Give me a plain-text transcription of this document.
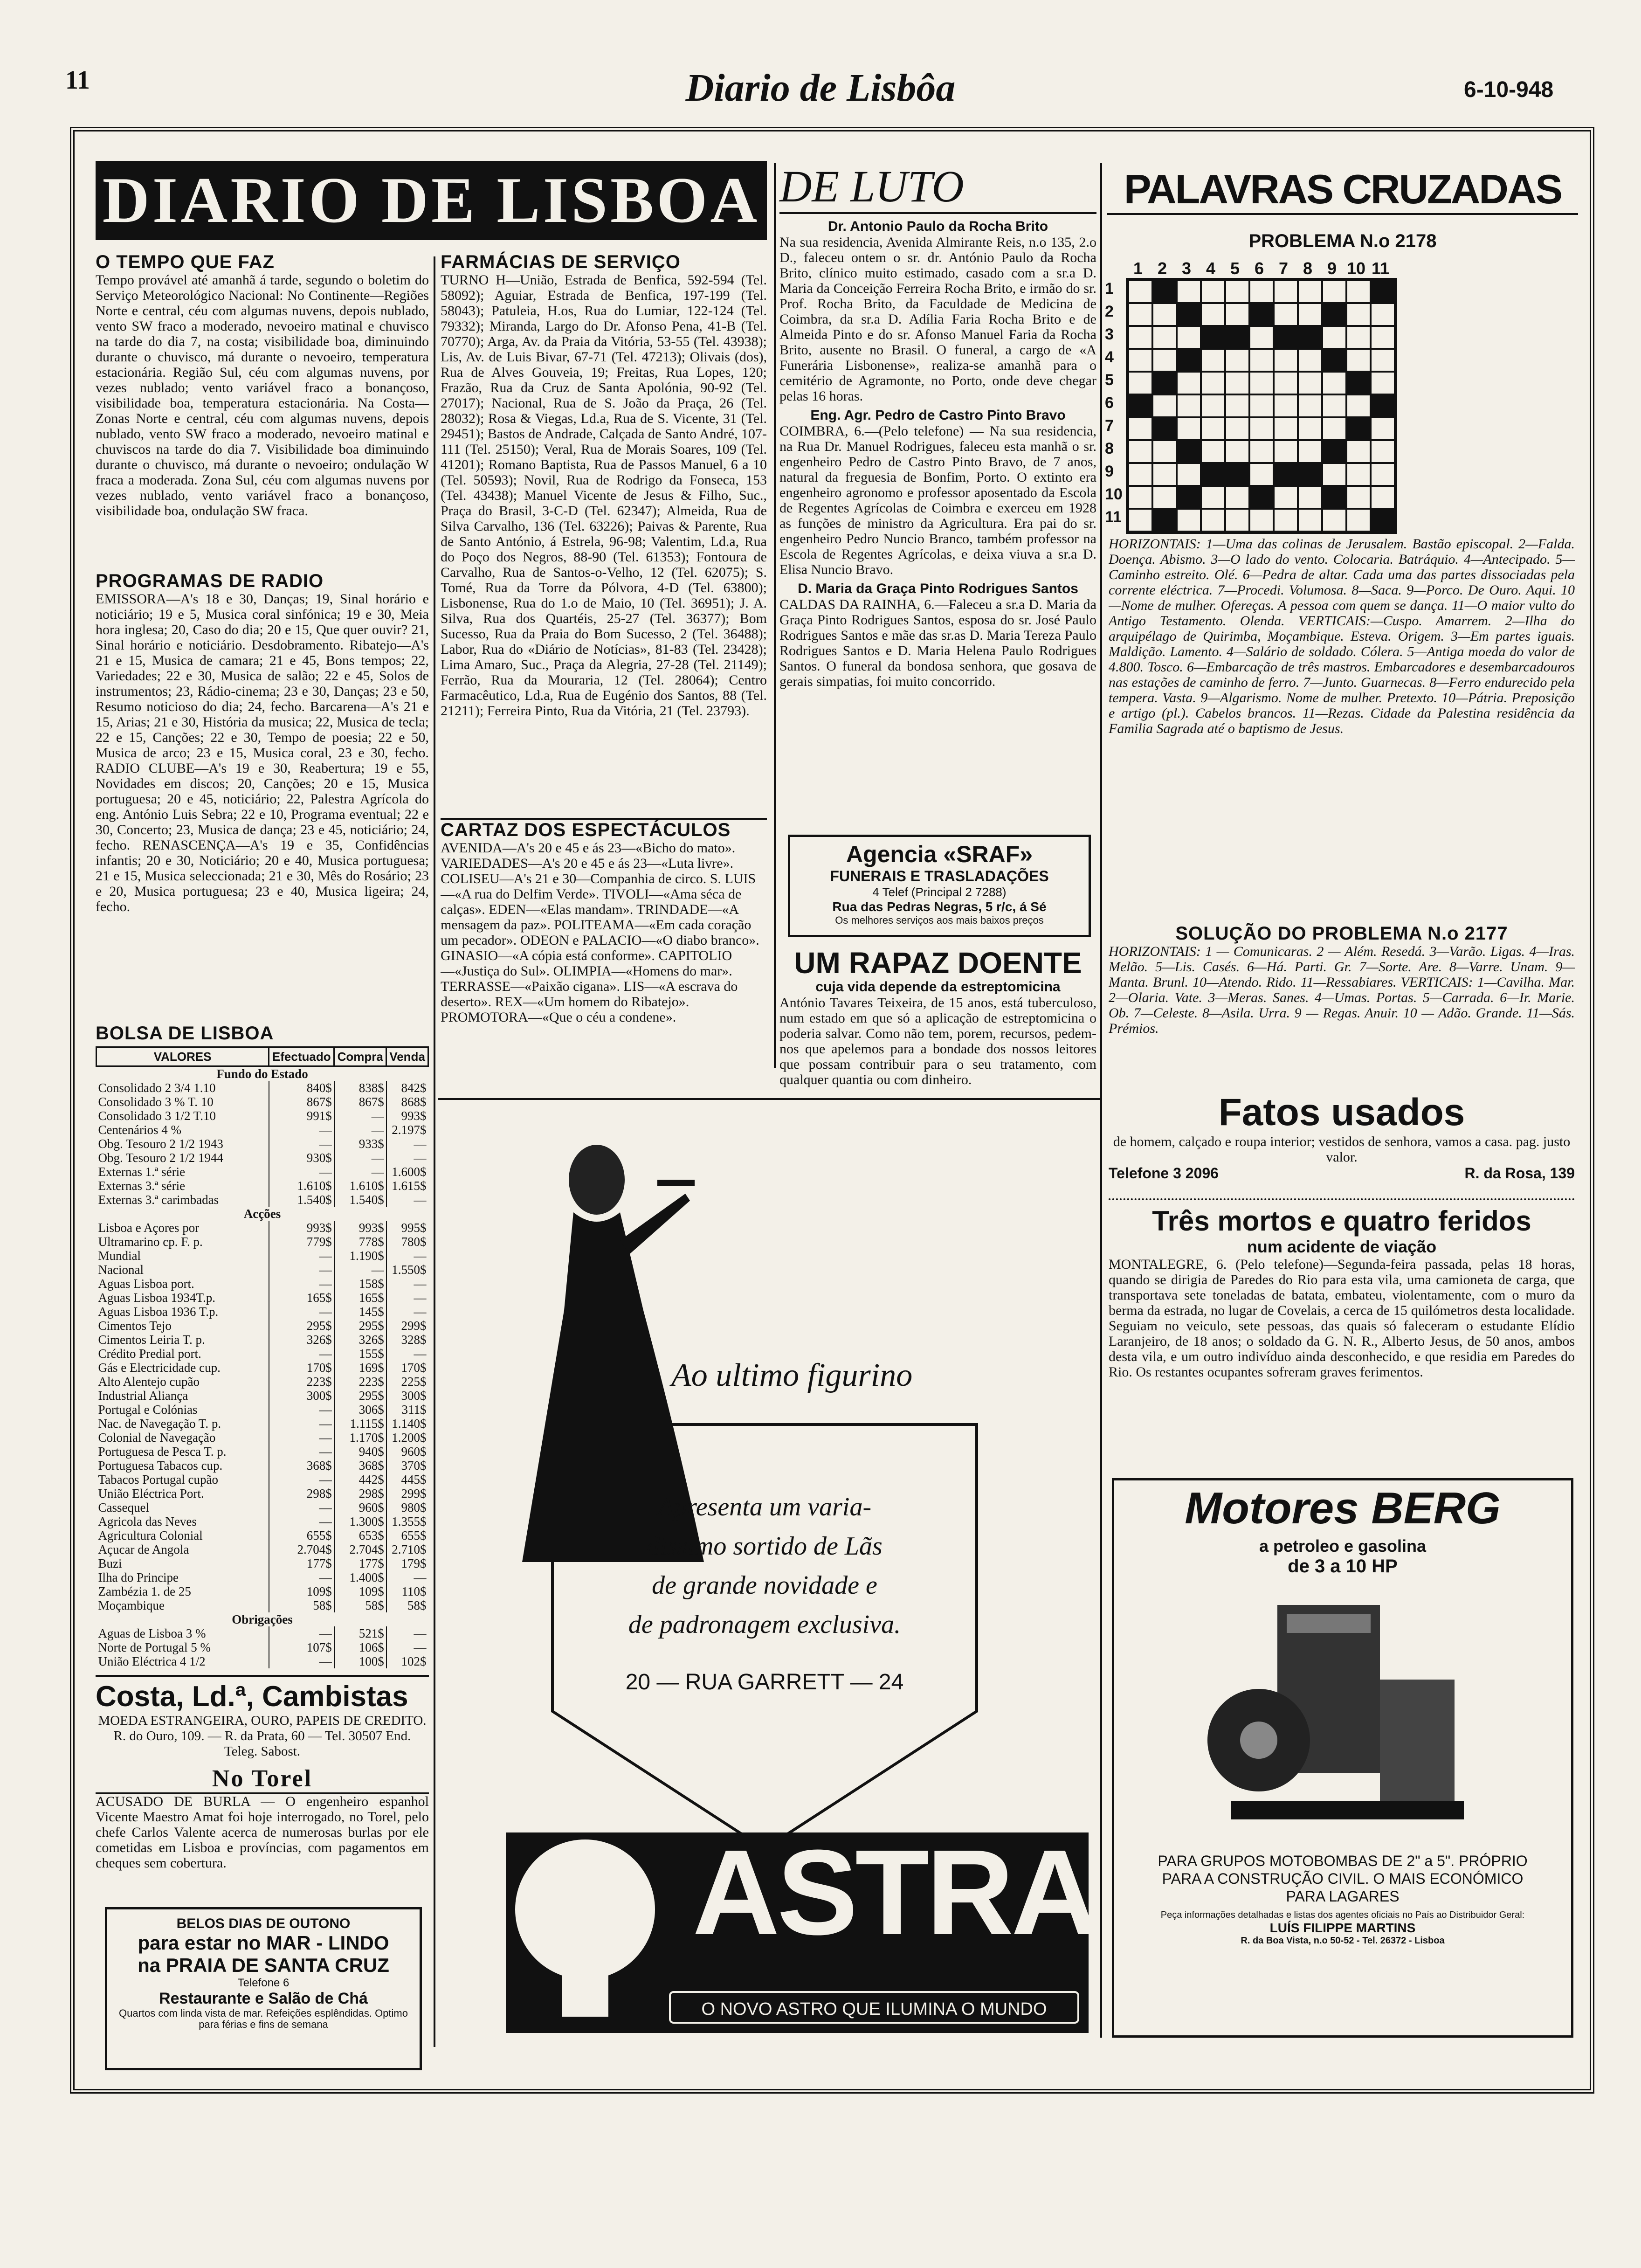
11	Diario de Lisbôa	6-10-948
DIARIO DE LISBOA
O TEMPO QUE FAZ
Tempo provável até amanhã á tarde, segundo o boletim do Serviço Meteorológico Nacional: No Continente—Regiões Norte e central, céu com algumas nuvens, depois nublado, vento SW fraco a moderado, nevoeiro matinal e chuvisco na tarde do dia 7, na costa; visibilidade boa, diminuindo durante o chuvisco, má durante o nevoeiro, temperatura estacionária. Região Sul, céu com algumas nuvens, por vezes nublado; vento variável fraco a bonançoso, visibilidade boa, temperatura estacionária. Na Costa—Zonas Norte e central, céu com algumas nuvens, depois nublado, vento SW fraco a moderado, nevoeiro matinal e chuviscos na tarde do dia 7. Visibilidade boa diminuindo durante o chuvisco, má durante o nevoeiro; ondulação W fraca a moderada. Zona Sul, céu com algumas nuvens por vezes nublado, vento variável fraco a bonançoso, visibilidade boa, ondulação SW fraca.
PROGRAMAS DE RADIO
EMISSORA—A's 18 e 30, Danças; 19, Sinal horário e noticiário; 19 e 5, Musica coral sinfónica; 19 e 30, Meia hora inglesa; 20, Caso do dia; 20 e 15, Que quer ouvir? 21, Sinal horário e noticiário. Desdobramento. Ribatejo—A's 21 e 15, Musica de camara; 21 e 45, Bons tempos; 22, Variedades; 22 e 30, Musica de salão; 22 e 45, Solos de instrumentos; 23, Rádio-cinema; 23 e 30, Danças; 23 e 50, Resumo noticioso do dia; 24, fecho. Barcarena—A's 21 e 15, Arias; 21 e 30, História da musica; 22, Musica de tecla; 22 e 15, Canções; 22 e 30, Tempo de poesia; 22 e 50, Musica de arco; 23 e 15, Musica coral, 23 e 30, fecho. RADIO CLUBE—A's 19 e 30, Reabertura; 19 e 55, Novidades em discos; 20, Canções; 20 e 15, Musica portuguesa; 20 e 45, noticiário; 22, Palestra Agrícola do eng. António Luis Sebra; 22 e 10, Programa eventual; 22 e 30, Concerto; 23, Musica de dança; 23 e 45, noticiário; 24, fecho. RENASCENÇA—A's 19 e 35, Confidências infantis; 20 e 30, Noticiário; 20 e 40, Musica portuguesa; 21 e 15, Musica seleccionada; 21 e 30, Mês do Rosário; 23 e 20, Musica portuguesa; 23 e 40, Musica ligeira; 24, fecho.
BOLSA DE LISBOA
VALORES	Efectuado	Compra	Venda
Fundo do Estado			
Consolidado 2 3/4 1.10	840$	838$	842$
Consolidado 3 % T. 10	867$	867$	868$
Consolidado 3 1/2 T.10	991$	—	993$
Centenários 4 %	—	—	2.197$
Obg. Tesouro 2 1/2 1943	—	933$	—
Obg. Tesouro 2 1/2 1944	930$	—	—
Externas 1.ª série	—	—	1.600$
Externas 3.ª série	1.610$	1.610$	1.615$
Externas 3.ª carimbadas	1.540$	1.540$	—
Acções			
Lisboa e Açores por	993$	993$	995$
Ultramarino cp. F. p.	779$	778$	780$
Mundial	—	1.190$	—
Nacional	—	—	1.550$
Aguas Lisboa port.	—	158$	—
Aguas Lisboa 1934T.p.	165$	165$	—
Aguas Lisboa 1936 T.p.	—	145$	—
Cimentos Tejo	295$	295$	299$
Cimentos Leiria T. p.	326$	326$	328$
Crédito Predial port.	—	155$	—
Gás e Electricidade cup.	170$	169$	170$
Alto Alentejo cupão	223$	223$	225$
Industrial Aliança	300$	295$	300$
Portugal e Colónias	—	306$	311$
Nac. de Navegação T. p.	—	1.115$	1.140$
Colonial de Navegação	—	1.170$	1.200$
Portuguesa de Pesca T. p.	—	940$	960$
Portuguesa Tabacos cup.	368$	368$	370$
Tabacos Portugal cupão	—	442$	445$
União Eléctrica Port.	298$	298$	299$
Cassequel	—	960$	980$
Agricola das Neves	—	1.300$	1.355$
Agricultura Colonial	655$	653$	655$
Açucar de Angola	2.704$	2.704$	2.710$
Buzi	177$	177$	179$
Ilha do Principe	—	1.400$	—
Zambézia 1. de 25	109$	109$	110$
Moçambique	58$	58$	58$
Obrigações			
Aguas de Lisboa 3 %	—	521$	—
Norte de Portugal 5 %	107$	106$	—
União Eléctrica 4 1/2	—	100$	102$
Costa, Ld.ª, Cambistas
MOEDA ESTRANGEIRA, OURO, PAPEIS DE CREDITO. R. do Ouro, 109. — R. da Prata, 60 — Tel. 30507 End. Teleg. Sabost.
No Torel
ACUSADO DE BURLA — O engenheiro espanhol Vicente Maestro Amat foi hoje interrogado, no Torel, pelo chefe Carlos Valente acerca de numerosas burlas por ele cometidas em Lisboa e províncias, com pagamentos em cheques sem cobertura.
BELOS DIAS DE OUTONO
para estar no MAR - LINDO
na PRAIA DE SANTA CRUZ
Telefone 6
Restaurante e Salão de Chá
Quartos com linda vista de mar. Refeições esplêndidas. Optimo para férias e fins de semana
FARMÁCIAS DE SERVIÇO
TURNO H—União, Estrada de Benfica, 592-594 (Tel. 58092); Aguiar, Estrada de Benfica, 197-199 (Tel. 58043); Patuleia, H.os, Rua do Lumiar, 122-124 (Tel. 79332); Miranda, Largo do Dr. Afonso Pena, 41-B (Tel. 70770); Arga, Av. da Praia da Vitória, 53-55 (Tel. 43938); Lis, Av. de Luis Bivar, 67-71 (Tel. 47213); Olivais (dos), Rua de Alves Gouveia, 19; Freitas, Rua Lopes, 120; Frazão, Rua da Cruz de Santa Apolónia, 90-92 (Tel. 27017); Nacional, Rua de S. João da Praça, 26 (Tel. 28032); Rosa & Viegas, Ld.a, Rua de S. Vicente, 31 (Tel. 29451); Bastos de Andrade, Calçada de Santo André, 107-111 (Tel. 25150); Veral, Rua de Morais Soares, 109 (Tel. 41201); Romano Baptista, Rua de Passos Manuel, 6 a 10 (Tel. 50593); Novil, Rua de Rodrigo da Fonseca, 153 (Tel. 43438); Manuel Vicente de Jesus & Filho, Suc., Praça do Brasil, 3-C-D (Tel. 62347); Almeida, Rua de Silva Carvalho, 136 (Tel. 63226); Paivas & Parente, Rua de Santo António, á Estrela, 96-98; Valentim, Ld.a, Rua do Poço dos Negros, 88-90 (Tel. 61353); Fontoura de Carvalho, Rua de Santos-o-Velho, 12 (Tel. 62075); S. Tomé, Rua da Torre da Pólvora, 4-D (Tel. 63800); Lisbonense, Rua do 1.o de Maio, 10 (Tel. 36951); J. A. Silva, Rua dos Quartéis, 25-27 (Tel. 36377); Bom Sucesso, Rua da Praia do Bom Sucesso, 2 (Tel. 36488); Labor, Rua do «Diário de Notícias», 81-83 (Tel. 23428); Lima Amaro, Suc., Praça da Alegria, 27-28 (Tel. 21149); Ferrão, Rua da Mouraria, 12 (Tel. 28064); Centro Farmacêutico, Ld.a, Rua de Eugénio dos Santos, 88 (Tel. 21211); Ferreira Pinto, Rua da Vitória, 21 (Tel. 23793).
CARTAZ DOS ESPECTÁCULOS
AVENIDA—A's 20 e 45 e ás 23—«Bicho do mato». VARIEDADES—A's 20 e 45 e ás 23—«Luta livre». COLISEU—A's 21 e 30—Companhia de circo. S. LUIS—«A rua do Delfim Verde». TIVOLI—«Ama séca de calças». EDEN—«Elas mandam». TRINDADE—«A mensagem da paz». POLITEAMA—«Em cada coração um pecador». ODEON e PALACIO—«O diabo branco». GINASIO—«A cópia está conforme». CAPITOLIO—«Justiça do Sul». OLIMPIA—«Homens do mar». TERRASSE—«Paixão cigana». LIS—«A escrava do deserto». REX—«Um homem do Ribatejo». PROMOTORA—«Que o céu a condene».
DE LUTO
Dr. Antonio Paulo da Rocha Brito
Na sua residencia, Avenida Almirante Reis, n.o 135, 2.o D., faleceu ontem o sr. dr. António Paulo da Rocha Brito, clínico muito estimado, casado com a sr.a D. Maria da Conceição Ferreira Rocha Brito, e irmão do sr. Prof. Rocha Brito, da Faculdade de Medicina de Coimbra, da sr.a D. Adília Faria Rocha Brito e de Almeida Pinto e do sr. Afonso Manuel Faria da Rocha Brito, ausente no Brasil. O funeral, a cargo de «A Funerária Lisbonense», realiza-se amanhã para o cemitério de Agramonte, no Porto, onde deve chegar pelas 16 horas.
Eng. Agr. Pedro de Castro Pinto Bravo
COIMBRA, 6.—(Pelo telefone) — Na sua residencia, na Rua Dr. Manuel Rodrigues, faleceu esta manhã o sr. engenheiro Pedro de Castro Pinto Bravo, de 7 anos, natural da freguesia de Bonfim, Porto. O extinto era engenheiro agronomo e professor aposentado da Escola de Regentes Agrícolas de Coimbra e exerceu em 1928 as funções de ministro da Agricultura. Era pai do sr. engenheiro Pedro Nuncio Branco, também professor na Escola de Regentes Agrícolas, e deixa viuva a sr.a D. Elisa Nuncio Bravo.
D. Maria da Graça Pinto Rodrigues Santos
CALDAS DA RAINHA, 6.—Faleceu a sr.a D. Maria da Graça Pinto Rodrigues Santos, esposa do sr. José Paulo Rodrigues Santos e mãe das sr.as D. Maria Tereza Paulo Rodrigues Santos e D. Maria Helena Paulo Rodrigues Santos. O funeral da bondosa senhora, que gosava de gerais simpatias, foi muito concorrido.
Agencia «SRAF»
FUNERAIS E TRASLADAÇÕES
4 Telef (Principal 2 7288)
Rua das Pedras Negras, 5 r/c, á Sé
Os melhores serviços aos mais baixos preços
UM RAPAZ DOENTE
cuja vida depende da estreptomicina
António Tavares Teixeira, de 15 anos, está tuberculoso, num estado em que só a aplicação de estreptomicina o poderia salvar. Como não tem, porem, recursos, pedem-nos que apelemos para a bondade dos nossos leitores que possam contribuir para o seu tratamento, com qualquer quantia ou com dinheiro.
Ao ultimo figurino
Apresenta um varia-
dissimo sortido de Lãs
de grande novidade e
de padronagem exclusiva.
20 — RUA GARRETT — 24
ASTRA
O NOVO ASTRO QUE ILUMINA O MUNDO
PALAVRAS CRUZADAS
PROBLEMA N.o 2178
1 2 3 4 5 6 7 8 9 10 11
1
2
3
4
5
6
7
8
9
10
11
HORIZONTAIS: 1—Uma das colinas de Jerusalem. Bastão episcopal. 2—Falda. Doença. Abismo. 3—O lado do vento. Colocaria. Batráquio. 4—Antecipado. 5—Caminho estreito. Olé. 6—Pedra de altar. Cada uma das partes dissociadas pela corrente eléctrica. 7—Procedi. Volumosa. 8—Saca. 9—Porco. De Ouro. Aqui. 10—Nome de mulher. Ofereças. A pessoa com quem se dança. 11—O maior vulto do Antigo Testamento. Olenda. VERTICAIS:—Cuspo. Amarrem. 2—Ilha do arquipélago de Quirimba, Moçambique. Esteva. Origem. 3—Em partes iguais. Maldição. Lamento. 4—Salário de soldado. Cólera. 5—Antiga moeda do valor de 4.800. Tosco. 6—Embarcação de três mastros. Embarcadores e desembarcadouros nas estações de caminho de ferro. 7—Junto. Guarnecas. 8—Ferro endurecido pela tempera. Vasta. 9—Algarismo. Nome de mulher. Pretexto. 10—Pátria. Preposição e artigo (pl.). Cabelos brancos. 11—Rezas. Cidade da Palestina residência da Familia Sagrada até o baptismo de Jesus.
SOLUÇÃO DO PROBLEMA N.o 2177
HORIZONTAIS: 1 — Comunicaras. 2 — Além. Resedá. 3—Varão. Ligas. 4—Iras. Melão. 5—Lis. Casés. 6—Há. Parti. Gr. 7—Sorte. Are. 8—Varre. Unam. 9—Manta. Brunl. 10—Atendo. Rido. 11—Ressabiares. VERTICAIS: 1—Cavilha. Mar. 2—Olaria. Vate. 3—Meras. Sanes. 4—Umas. Portas. 5—Carrada. 6—Ir. Marie. Ob. 7—Celeste. 8—Asila. Urra. 9 — Regas. Anuir. 10 — Adão. Grande. 11—Sás. Prémios.
Fatos usados
de homem, calçado e roupa interior; vestidos de senhora, vamos a casa. pag. justo valor.
Telefone 3 2096	R. da Rosa, 139
Três mortos e quatro feridos
num acidente de viação
MONTALEGRE, 6. (Pelo telefone)—Segunda-feira passada, pelas 18 horas, quando se dirigia de Paredes do Rio para esta vila, uma camioneta de carga, que transportava sete toneladas de batata, embateu, violentamente, com o muro da berma da estrada, no lugar de Covelais, a cerca de 15 quilómetros desta localidade. Seguiam no veiculo, sete pessoas, das quais só faleceram o estudante Elídio Laranjeiro, de 18 anos; o soldado da G. N. R., Alberto Jesus, de 50 anos, ambos desta vila, e um outro indivíduo ainda desconhecido, e que residia em Paredes do Rio. Os restantes ocupantes sofreram graves ferimentos.
Motores BERG
a petroleo e gasolina
de 3 a 10 HP
PARA GRUPOS MOTOBOMBAS DE 2" a 5". PRÓPRIO PARA A CONSTRUÇÃO CIVIL. O MAIS ECONÓMICO PARA LAGARES
Peça informações detalhadas e listas dos agentes oficiais no País ao Distribuidor Geral:
LUÍS FILIPPE MARTINS
R. da Boa Vista, n.o 50-52 - Tel. 26372 - Lisboa
